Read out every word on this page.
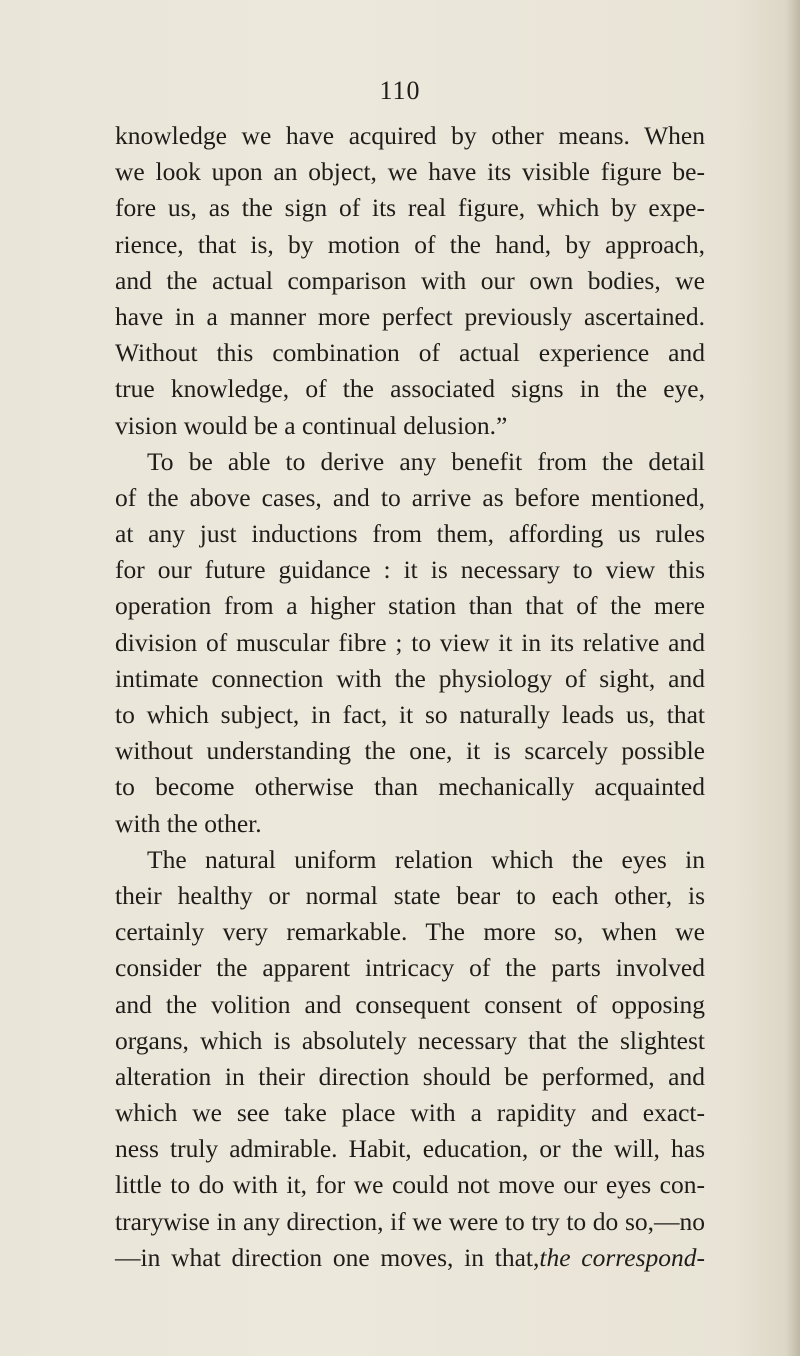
110
knowledge we have acquired by other means. When
we look upon an object, we have its visible figure be-
fore us, as the sign of its real figure, which by expe-
rience, that is, by motion of the hand, by approach,
and the actual comparison with our own bodies, we
have in a manner more perfect previously ascertained.
Without this combination of actual experience and
true knowledge, of the associated signs in the eye,
vision would be a continual delusion.”
To be able to derive any benefit from the detail
of the above cases, and to arrive as before mentioned,
at any just inductions from them, affording us rules
for our future guidance : it is necessary to view this
operation from a higher station than that of the mere
division of muscular fibre ; to view it in its relative and
intimate connection with the physiology of sight, and
to which subject, in fact, it so naturally leads us, that
without understanding the one, it is scarcely possible
to become otherwise than mechanically acquainted
with the other.
The natural uniform relation which the eyes in
their healthy or normal state bear to each other, is
certainly very remarkable. The more so, when we
consider the apparent intricacy of the parts involved
and the volition and consequent consent of opposing
organs, which is absolutely necessary that the slightest
alteration in their direction should be performed, and
which we see take place with a rapidity and exact-
ness truly admirable. Habit, education, or the will, has
little to do with it, for we could not move our eyes con-
trarywise in any direction, if we were to try to do so,—no
—in what direction one moves, in that,the correspond-
